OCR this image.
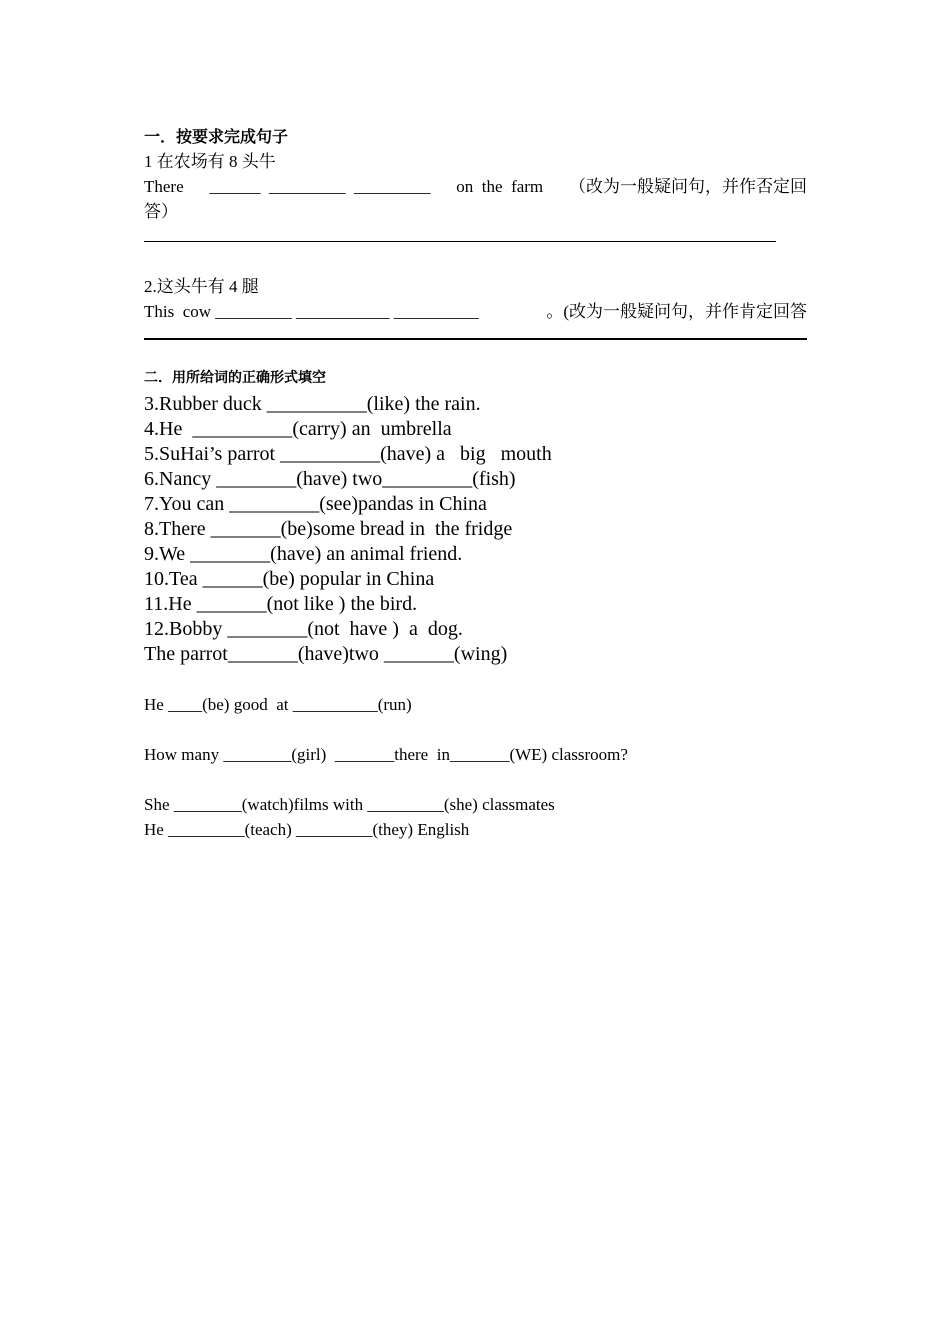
一．按要求完成句子
1 在农场有 8 头牛
There ______  _________  _________ on  the  farm （改为一般疑问句，并作否定回
答）
2.这头牛有 4 腿
This  cow _________ ___________ __________	。(改为一般疑问句，并作肯定回答
二．用所给词的正确形式填空
3.Rubber duck __________(like) the rain.
4.He  __________(carry) an  umbrella
5.SuHai’s parrot __________(have) a   big   mouth
6.Nancy ________(have) two_________(fish)
7.You can _________(see)pandas in China
8.There _______(be)some bread in  the fridge
9.We ________(have) an animal friend.
10.Tea ______(be) popular in China
11.He _______(not like ) the bird.
12.Bobby ________(not  have )  a  dog.
The parrot_______(have)two _______(wing)
He ____(be) good  at __________(run)
How many ________(girl)  _______there  in_______(WE) classroom?
She ________(watch)films with _________(she) classmates
He _________(teach) _________(they) English
